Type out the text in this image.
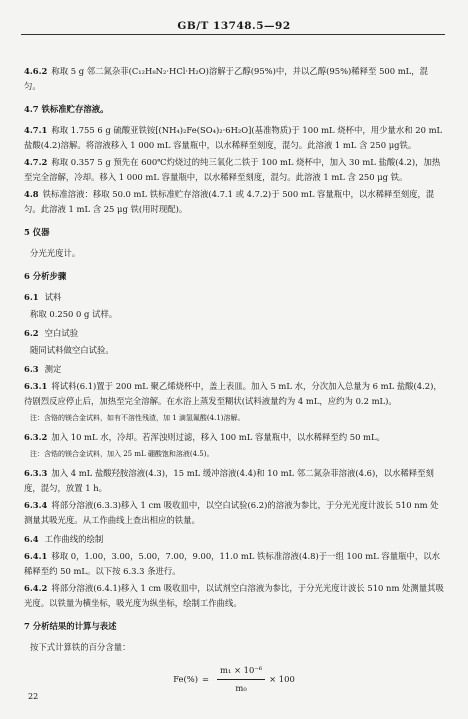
GB/T 13748.5—92
4.6.2 称取 5 g 邻二氮杂菲(C₁₂H₈N₂·HCl·H₂O)溶解于乙醇(95%)中，并以乙醇(95%)稀释至 500 mL，混匀。
4.7 铁标准贮存溶液。
4.7.1 称取 1.755 6 g 硫酸亚铁铵[(NH₄)₂Fe(SO₄)₂·6H₂O](基准物质)于 100 mL 烧杯中，用少量水和 20 mL 盐酸(4.2)溶解。将溶液移入 1 000 mL 容量瓶中，以水稀释至刻度，混匀。此溶液 1 mL 含 250 μg铁。
4.7.2 称取 0.357 5 g 预先在 600℃灼烧过的纯三氧化二铁于 100 mL 烧杯中，加入 30 mL 盐酸(4.2)，加热至完全溶解，冷却。移入 1 000 mL 容量瓶中，以水稀释至刻度，混匀。此溶液 1 mL 含 250 μg 铁。
4.8 铁标准溶液：移取 50.0 mL 铁标准贮存溶液(4.7.1 或 4.7.2)于 500 mL 容量瓶中，以水稀释至刻度，混匀。此溶液 1 mL 含 25 μg 铁(用时现配)。
5 仪器
分光光度计。
6 分析步骤
6.1 试料
称取 0.250 0 g 试样。
6.2 空白试验
随同试料做空白试验。
6.3 测定
6.3.1 将试料(6.1)置于 200 mL 聚乙烯烧杯中，盖上表皿。加入 5 mL 水，分次加入总量为 6 mL 盐酸(4.2)，待剧烈反应停止后，加热至完全溶解。在水浴上蒸发至糊状(试料液量约为 4 mL，应约为 0.2 mL)。
注：含铬的镁合金试料，如有不溶性残渣，加 1 滴氢氟酸(4.1)溶解。
6.3.2 加入 10 mL 水，冷却。若浑浊则过滤，移入 100 mL 容量瓶中，以水稀释至约 50 mL。
注：含锆的镁合金试料，加入 25 mL 硼酸饱和溶液(4.5)。
6.3.3 加入 4 mL 盐酸羟胺溶液(4.3)，15 mL 缓冲溶液(4.4)和 10 mL 邻二氮杂菲溶液(4.6)，以水稀释至刻度，混匀，放置 1 h。
6.3.4 将部分溶液(6.3.3)移入 1 cm 吸收皿中，以空白试验(6.2)的溶液为参比，于分光光度计波长 510 nm 处测量其吸光度。从工作曲线上查出相应的铁量。
6.4 工作曲线的绘制
6.4.1 移取 0，1.00，3.00，5.00，7.00，9.00，11.0 mL 铁标准溶液(4.8)于一组 100 mL 容量瓶中，以水稀释至约 50 mL。以下按 6.3.3 条进行。
6.4.2 将部分溶液(6.4.1)移入 1 cm 吸收皿中，以试剂空白溶液为参比，于分光光度计波长 510 nm 处测量其吸光度。以铁量为横坐标，吸光度为纵坐标，绘制工作曲线。
7 分析结果的计算与表述
按下式计算铁的百分含量：
$Fe(\%) = \frac{\text{m₁ × 10⁻⁶}}{\text{m₀}} \times 100$
22
